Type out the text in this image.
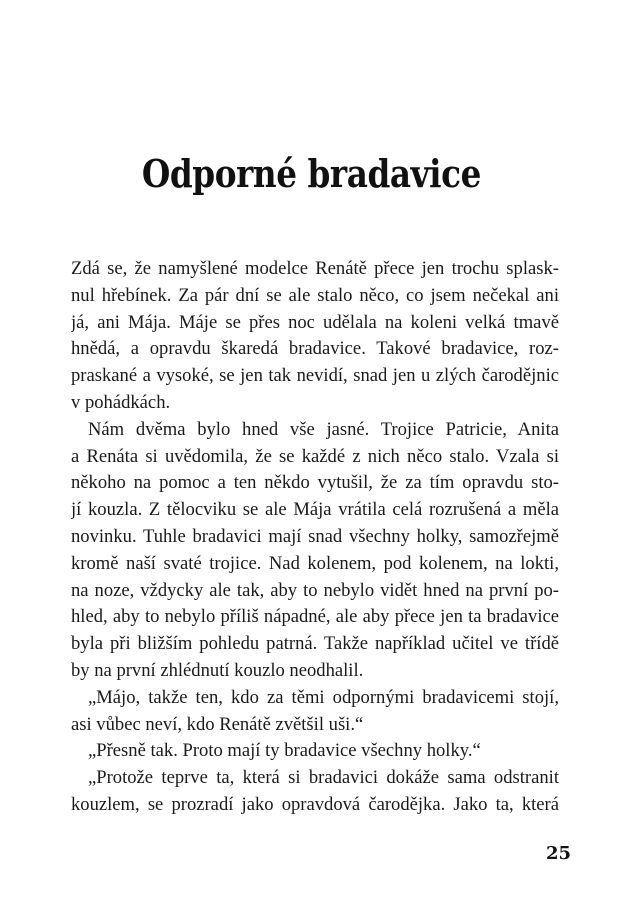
Odporné bradavice
Zdá se, že namyšlené modelce Renátě přece jen trochu splask-
nul hřebínek. Za pár dní se ale stalo něco, co jsem nečekal ani
já, ani Mája. Máje se přes noc udělala na koleni velká tmavě
hnědá, a opravdu škaredá bradavice. Takové bradavice, roz-
praskané a vysoké, se jen tak nevidí, snad jen u zlých čarodějnic
v pohádkách.
Nám dvěma bylo hned vše jasné. Trojice Patricie, Anita
a Renáta si uvědomila, že se každé z nich něco stalo. Vzala si
někoho na pomoc a ten někdo vytušil, že za tím opravdu sto-
jí kouzla. Z tělocviku se ale Mája vrátila celá rozrušená a měla
novinku. Tuhle bradavici mají snad všechny holky, samozřejmě
kromě naší svaté trojice. Nad kolenem, pod kolenem, na lokti,
na noze, vždycky ale tak, aby to nebylo vidět hned na první po-
hled, aby to nebylo příliš nápadné, ale aby přece jen ta bradavice
byla při bližším pohledu patrná. Takže například učitel ve třídě
by na první zhlédnutí kouzlo neodhalil.
„Májo, takže ten, kdo za těmi odpornými bradavicemi stojí,
asi vůbec neví, kdo Renátě zvětšil uši.“
„Přesně tak. Proto mají ty bradavice všechny holky.“
„Protože teprve ta, která si bradavici dokáže sama odstranit
kouzlem, se prozradí jako opravdová čarodějka. Jako ta, která

25
